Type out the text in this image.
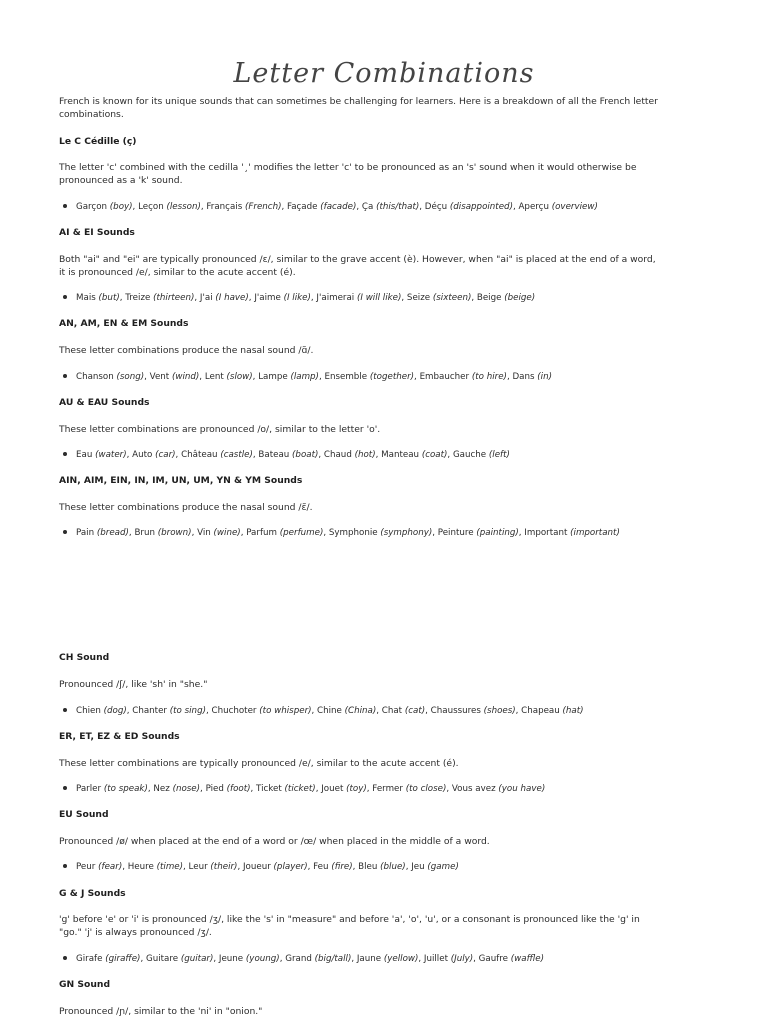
Letter Combinations

French is known for its unique sounds that can sometimes be challenging for learners. Here is a breakdown of all the French letter combinations.

Le C Cédille (ç)

The letter 'c' combined with the cedilla '¸' modifies the letter 'c' to be pronounced as an 's' sound when it would otherwise be pronounced as a 'k' sound.

Garçon (boy), Leçon (lesson), Français (French), Façade (facade), Ça (this/that), Déçu (disappointed), Aperçu (overview)

AI & EI Sounds

Both "ai" and "ei" are typically pronounced /ɛ/, similar to the grave accent (è). However, when "ai" is placed at the end of a word, it is pronounced /e/, similar to the acute accent (é).

Mais (but), Treize (thirteen), J'ai (I have), J'aime (I like), J'aimerai (I will like), Seize (sixteen), Beige (beige)

AN, AM, EN & EM Sounds

These letter combinations produce the nasal sound /ɑ̃/.

Chanson (song), Vent (wind), Lent (slow), Lampe (lamp), Ensemble (together), Embaucher (to hire), Dans (in)

AU & EAU Sounds

These letter combinations are pronounced /o/, similar to the letter 'o'.

Eau (water), Auto (car), Château (castle), Bateau (boat), Chaud (hot), Manteau (coat), Gauche (left)

AIN, AIM, EIN, IN, IM, UN, UM, YN & YM Sounds

These letter combinations produce the nasal sound /ɛ̃/.

Pain (bread), Brun (brown), Vin (wine), Parfum (perfume), Symphonie (symphony), Peinture (painting), Important (important)

CH Sound

Pronounced /ʃ/, like 'sh' in "she."

Chien (dog), Chanter (to sing), Chuchoter (to whisper), Chine (China), Chat (cat), Chaussures (shoes), Chapeau (hat)

ER, ET, EZ & ED Sounds

These letter combinations are typically pronounced /e/, similar to the acute accent (é).

Parler (to speak), Nez (nose), Pied (foot), Ticket (ticket), Jouet (toy), Fermer (to close), Vous avez (you have)

EU Sound

Pronounced /ø/ when placed at the end of a word or /œ/ when placed in the middle of a word.

Peur (fear), Heure (time), Leur (their), Joueur (player), Feu (fire), Bleu (blue), Jeu (game)

G & J Sounds

'g' before 'e' or 'i' is pronounced /ʒ/, like the 's' in "measure" and before 'a', 'o', 'u', or a consonant is pronounced like the 'g' in "go." 'j' is always pronounced /ʒ/.

Girafe (giraffe), Guitare (guitar), Jeune (young), Grand (big/tall), Jaune (yellow), Juillet (July), Gaufre (waffle)

GN Sound

Pronounced /ɲ/, similar to the 'ni' in "onion."
